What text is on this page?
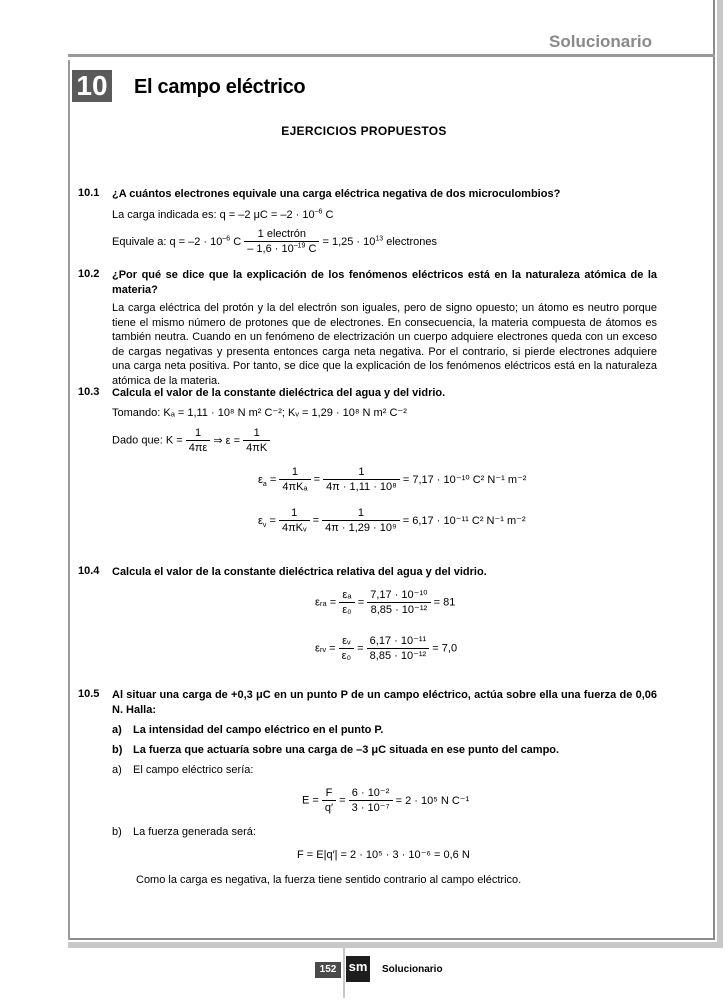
Solucionario
10 El campo eléctrico
EJERCICIOS PROPUESTOS
10.1 ¿A cuántos electrones equivale una carga eléctrica negativa de dos microculombios?
La carga indicada es: q = –2 $\mu C = -2 \cdot 10^{-6}$ C
Equivale a: $q = -2 \cdot 10^{-6}$ C $\frac{\text{1 electrón}}{- 1,6 \cdot 10^{-19} C} = 1,25 \cdot 10^{13}$ electrones
10.2 ¿Por qué se dice que la explicación de los fenómenos eléctricos está en la naturaleza atómica de la materia?
La carga eléctrica del protón y la del electrón son iguales, pero de signo opuesto; un átomo es neutro porque tiene el mismo número de protones que de electrones. En consecuencia, la materia compuesta de átomos es también neutra. Cuando en un fenómeno de electrización un cuerpo adquiere electrones queda con un exceso de cargas negativas y presenta entonces carga neta negativa. Por el contrario, si pierde electrones adquiere una carga neta positiva. Por tanto, se dice que la explicación de los fenómenos eléctricos está en la naturaleza atómica de la materia.
10.3 Calcula el valor de la constante dieléctrica del agua y del vidrio.
Tomando: Kₐ = 1,11 · 10⁸ N m² C⁻²; Kᵥ = 1,29 · 10⁸ N m² C⁻²
Dado que: $K = \frac{1}{4\pi\varepsilon}$ ⇒ $\varepsilon = \frac{1}{4\pi K}$
$\varepsilon_a = \frac{1}{\text{4πKₐ}} = \frac{1}{\text{4π · 1,11 · 10⁸}} = 7,17 \cdot 10^{-10}$ C² N⁻¹ m⁻²
$\varepsilon_v = \frac{1}{\text{4πKᵥ}} = \frac{1}{\text{4π · 1,29 · 10⁹}} = 6,17 \cdot 10^{-11}$ C² N⁻¹ m⁻²
10.4 Calcula el valor de la constante dieléctrica relativa del agua y del vidrio.
εᵣₐ = $\frac{\text{εₐ}}{\text{ε₀}} = \frac{\text{7,17 · 10⁻¹⁰}}{\text{8,85 · 10⁻¹²}} = 81$
εᵣᵥ = $\frac{\text{εᵥ}}{\text{ε₀}} = \frac{\text{6,17 · 10⁻¹¹}}{\text{8,85 · 10⁻¹²}} = 7,0$
10.5 Al situar una carga de +0,3 μC en un punto P de un campo eléctrico, actúa sobre ella una fuerza de 0,06 N. Halla:
a) La intensidad del campo eléctrico en el punto P.
b) La fuerza que actuaría sobre una carga de –3 μC situada en ese punto del campo.
a) El campo eléctrico sería:
$E = \frac{F}{q'} = \frac{\text{6 · 10⁻²}}{\text{3 · 10⁻⁷}} = 2 \cdot 10^5$ N C⁻¹
b) La fuerza generada será:
F = E|q′| = 2 · 10⁵ · 3 · 10⁻⁶ = 0,6 N
Como la carga es negativa, la fuerza tiene sentido contrario al campo eléctrico.
152 sm Solucionario
